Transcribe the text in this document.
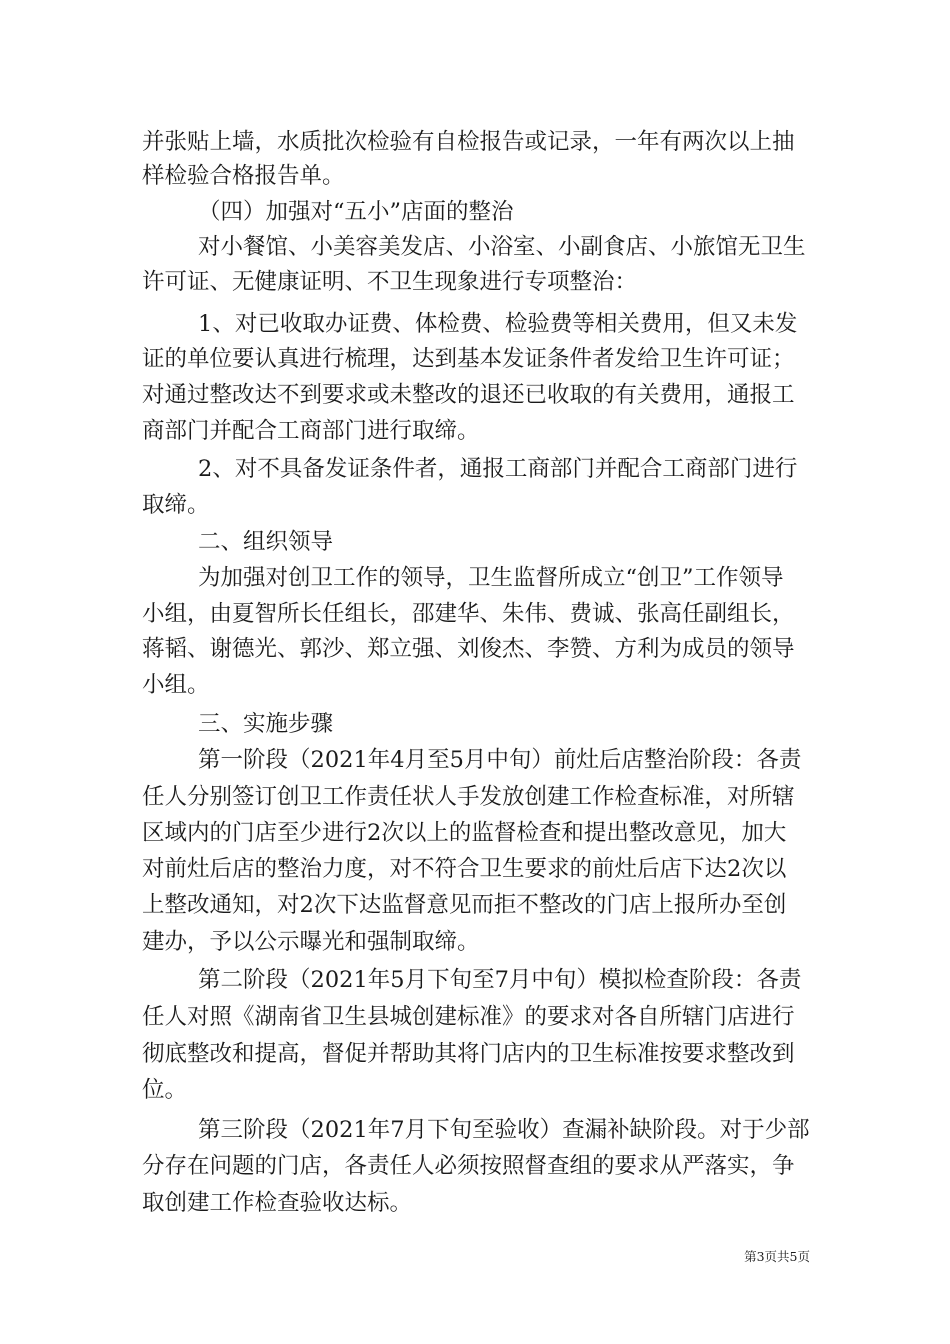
并张贴上墙，水质批次检验有自检报告或记录，一年有两次以上抽
样检验合格报告单。
（四）加强对“五小”店面的整治
对小餐馆、小美容美发店、小浴室、小副食店、小旅馆无卫生
许可证、无健康证明、不卫生现象进行专项整治：
1、对已收取办证费、体检费、检验费等相关费用，但又未发
证的单位要认真进行梳理，达到基本发证条件者发给卫生许可证；
对通过整改达不到要求或未整改的退还已收取的有关费用，通报工
商部门并配合工商部门进行取缔。
2、对不具备发证条件者，通报工商部门并配合工商部门进行
取缔。
二、组织领导
为加强对创卫工作的领导，卫生监督所成立“创卫”工作领导
小组，由夏智所长任组长，邵建华、朱伟、费诚、张高任副组长，
蒋韬、谢德光、郭沙、郑立强、刘俊杰、李赞、方利为成员的领导
小组。
三、实施步骤
第一阶段（2021年4月至5月中旬）前灶后店整治阶段：各责
任人分别签订创卫工作责任状人手发放创建工作检查标准，对所辖
区域内的门店至少进行2次以上的监督检查和提出整改意见，加大
对前灶后店的整治力度，对不符合卫生要求的前灶后店下达2次以
上整改通知，对2次下达监督意见而拒不整改的门店上报所办至创
建办，予以公示曝光和强制取缔。
第二阶段（2021年5月下旬至7月中旬）模拟检查阶段：各责
任人对照《湖南省卫生县城创建标准》的要求对各自所辖门店进行
彻底整改和提高，督促并帮助其将门店内的卫生标准按要求整改到
位。
第三阶段（2021年7月下旬至验收）查漏补缺阶段。对于少部
分存在问题的门店，各责任人必须按照督查组的要求从严落实，争
取创建工作检查验收达标。
第3页共5页
